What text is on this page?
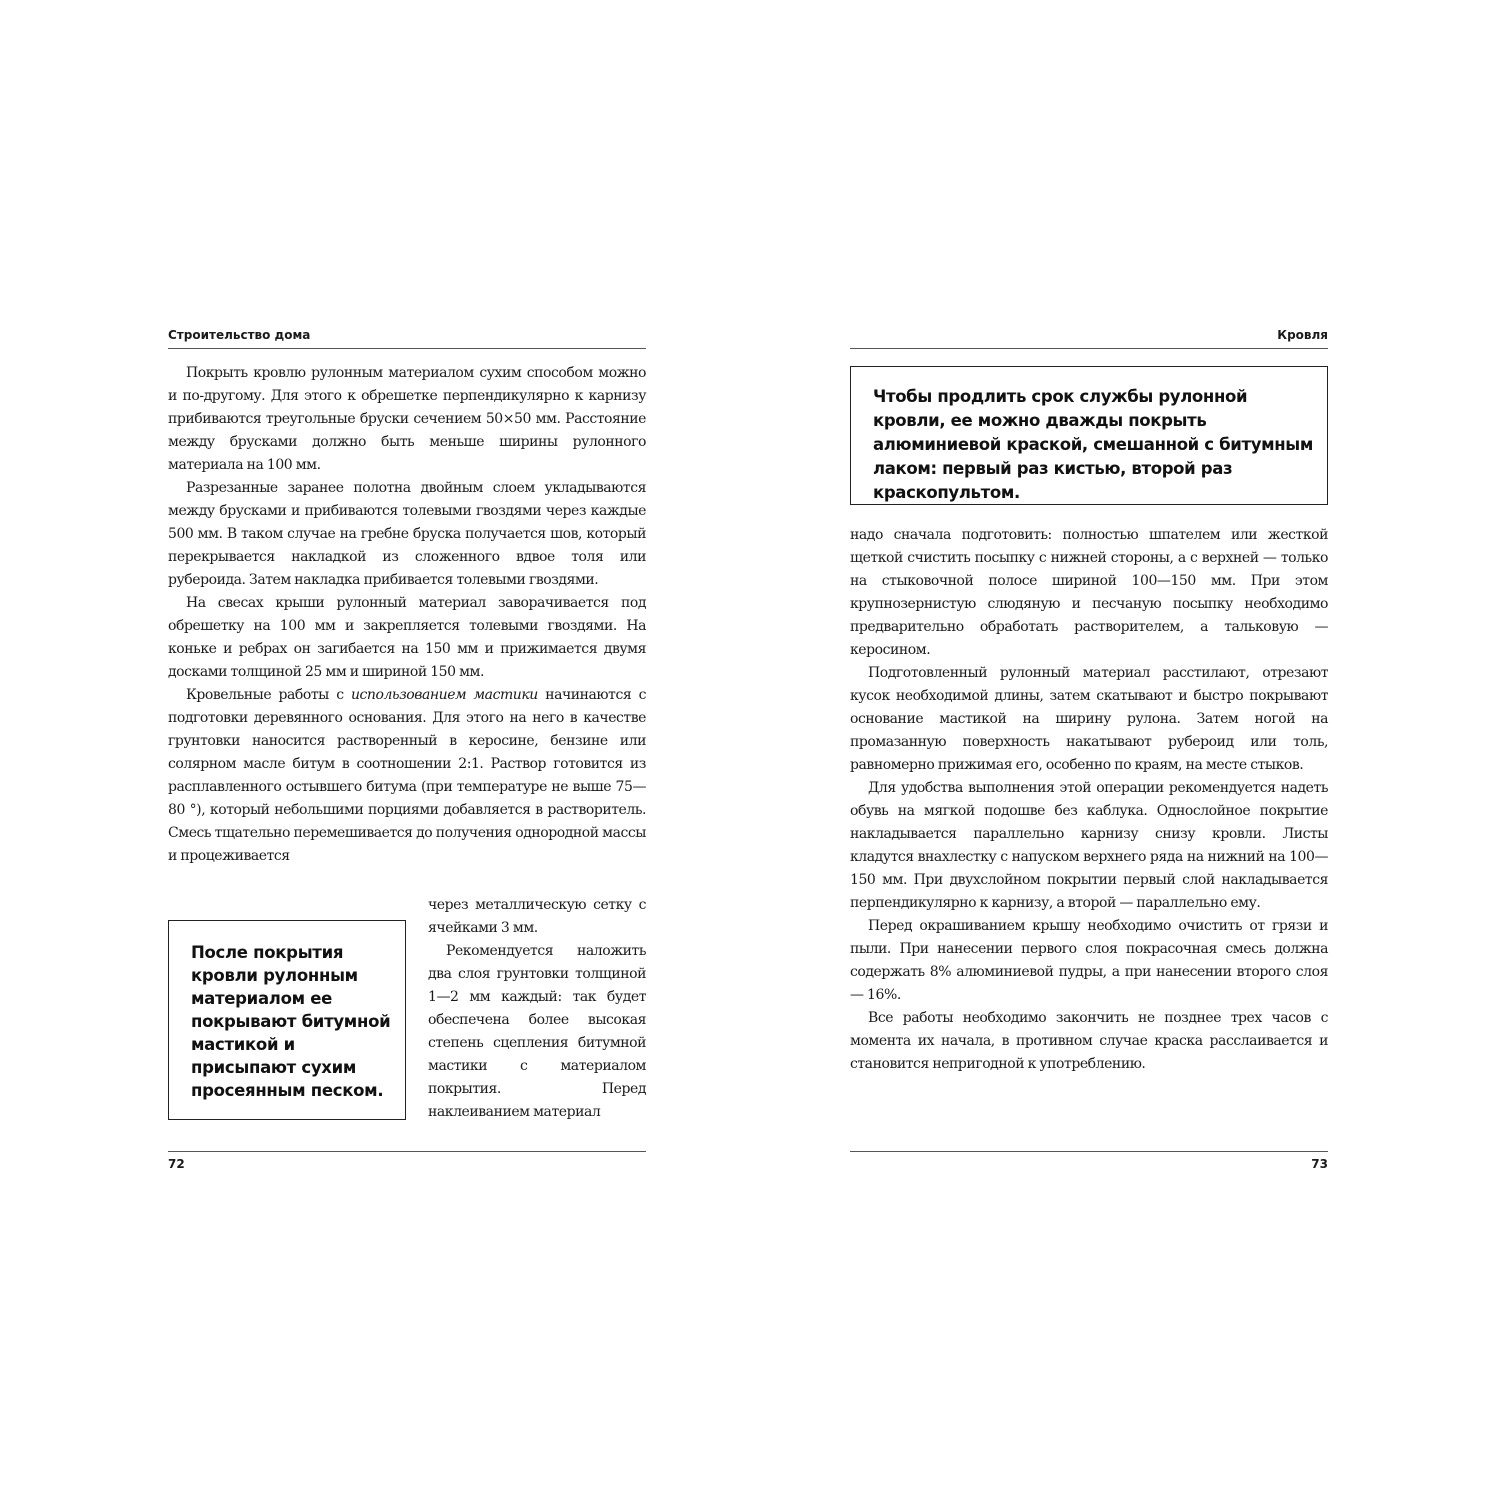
Строительство дома

Покрыть кровлю рулонным материалом сухим способом можно и по-другому. Для этого к обрешетке перпендикулярно к карнизу прибиваются треугольные бруски сечением 50×50 мм. Расстояние между брусками должно быть меньше ширины рулонного материала на 100 мм.

Разрезанные заранее полотна двойным слоем укладываются между брусками и прибиваются толевыми гвоздями через каждые 500 мм. В таком случае на гребне бруска получается шов, который перекрывается накладкой из сложенного вдвое толя или рубероида. Затем накладка прибивается толевыми гвоздями.

На свесах крыши рулонный материал заворачивается под обрешетку на 100 мм и закрепляется толевыми гвоздями. На коньке и ребрах он загибается на 150 мм и прижимается двумя досками толщиной 25 мм и шириной 150 мм.

Кровельные работы с использованием мастики начинаются с подготовки деревянного основания. Для этого на него в качестве грунтовки наносится растворенный в керосине, бензине или солярном масле битум в соотношении 2:1. Раствор готовится из расплавленного остывшего битума (при температуре не выше 75—80 °), который небольшими порциями добавляется в растворитель. Смесь тщательно перемешивается до получения однородной массы и процеживается

После покрытия кровли рулонным материалом ее покрывают битумной мастикой и присыпают сухим просеянным песком.

через металлическую сетку с ячейками 3 мм.

Рекомендуется наложить два слоя грунтовки толщиной 1—2 мм каждый: так будет обеспечена более высокая степень сцепления битумной мастики с материалом покрытия. Перед наклеиванием материал

72
Кровля
Чтобы продлить срок службы рулонной кровли, ее можно дважды покрыть алюминиевой краской, смешанной с битумным лаком: первый раз кистью, второй раз краскопультом.

надо сначала подготовить: полностью шпателем или жесткой щеткой счистить посыпку с нижней стороны, а с верхней — только на стыковочной полосе шириной 100—150 мм. При этом крупнозернистую слюдяную и песчаную посыпку необходимо предварительно обработать растворителем, а тальковую — керосином.

Подготовленный рулонный материал расстилают, отрезают кусок необходимой длины, затем скатывают и быстро покрывают основание мастикой на ширину рулона. Затем ногой на промазанную поверхность накатывают рубероид или толь, равномерно прижимая его, особенно по краям, на месте стыков.

Для удобства выполнения этой операции рекомендуется надеть обувь на мягкой подошве без каблука. Однослойное покрытие накладывается параллельно карнизу снизу кровли. Листы кладутся внахлестку с напуском верхнего ряда на нижний на 100—150 мм. При двухслойном покрытии первый слой накладывается перпендикулярно к карнизу, а второй — параллельно ему.

Перед окрашиванием крышу необходимо очистить от грязи и пыли. При нанесении первого слоя покрасочная смесь должна содержать 8% алюминиевой пудры, а при нанесении второго слоя — 16%.

Все работы необходимо закончить не позднее трех часов с момента их начала, в противном случае краска расслаивается и становится непригодной к употреблению.

73
